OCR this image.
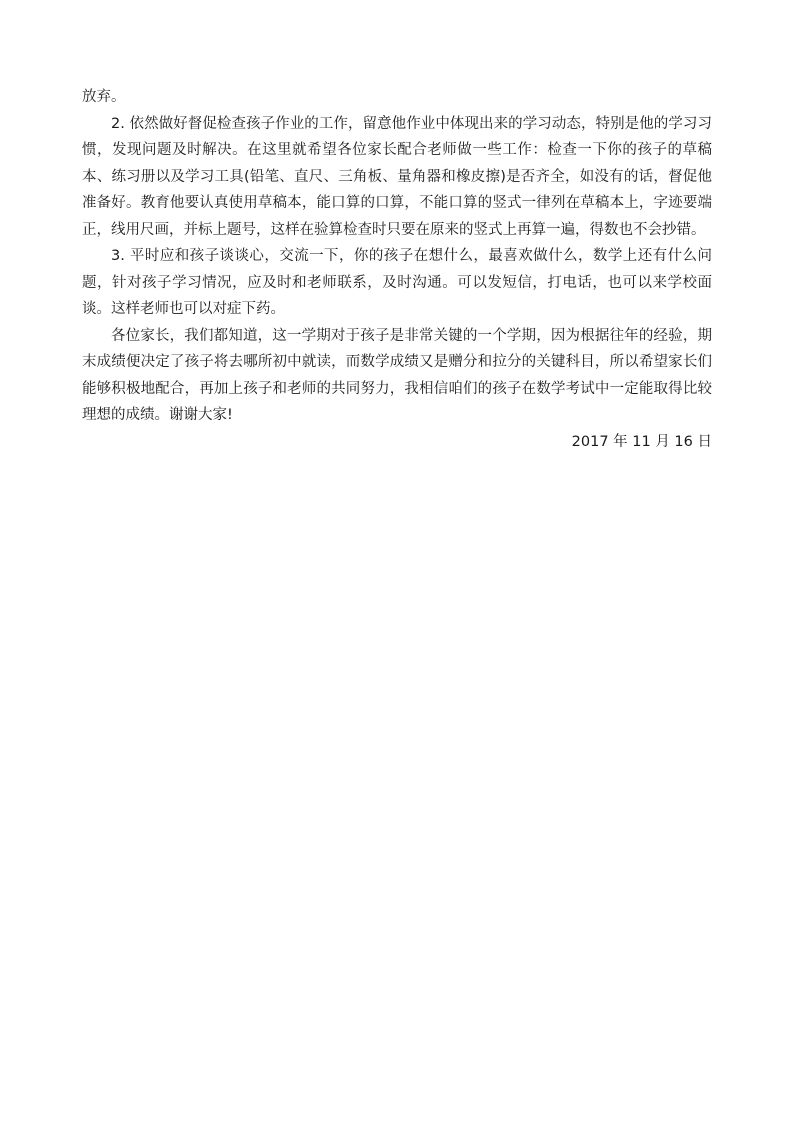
放弃。

2. 依然做好督促检查孩子作业的工作，留意他作业中体现出来的学习动态，特别是他的学习习惯，发现问题及时解决。在这里就希望各位家长配合老师做一些工作：检查一下你的孩子的草稿本、练习册以及学习工具(铅笔、直尺、三角板、量角器和橡皮擦)是否齐全，如没有的话，督促他准备好。教育他要认真使用草稿本，能口算的口算，不能口算的竖式一律列在草稿本上，字迹要端正，线用尺画，并标上题号，这样在验算检查时只要在原来的竖式上再算一遍，得数也不会抄错。

3. 平时应和孩子谈谈心，交流一下，你的孩子在想什么，最喜欢做什么，数学上还有什么问题，针对孩子学习情况，应及时和老师联系，及时沟通。可以发短信，打电话，也可以来学校面谈。这样老师也可以对症下药。

各位家长，我们都知道，这一学期对于孩子是非常关键的一个学期，因为根据往年的经验，期末成绩便决定了孩子将去哪所初中就读，而数学成绩又是赠分和拉分的关键科目，所以希望家长们能够积极地配合，再加上孩子和老师的共同努力，我相信咱们的孩子在数学考试中一定能取得比较理想的成绩。谢谢大家!

2017 年 11 月 16 日
